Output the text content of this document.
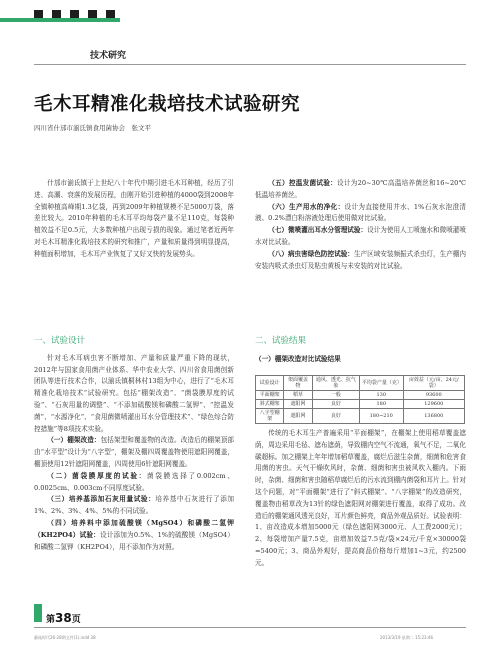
技术研究
毛木耳精准化栽培技术试验研究
四川省什邡市湔氐镇食用菌协会　张文平

什邡市湔氐镇于上世纪八十年代中期引进毛木耳种植，经历了引进、高潮、衰落的发展历程，由刚开始引进种植的4000袋到2008年全镇种植高峰期1.3亿袋，再到2009年种植规模不足5000万袋，落差比较大。2010年种植的毛木耳平均每袋产量不足110克，每袋种植效益不足0.5元，大多数种植户出现亏损的现象。通过笔者近两年对毛木耳精准化栽培技术的研究和推广，产量和质量得到明显提高，种植面积增加，毛木耳产业恢复了又好又快的发展势头。

一、试验设计

针对毛木耳病虫害不断增加、产量和质量严重下降的现状，2012年与国家食用菌产业体系、华中农业大学、四川省食用菌创新团队等进行技术合作，以湔氐镇桐林村13组为中心，进行了“毛木耳精准化栽培技术”试验研究。包括“棚架改造”、“菌袋膜厚度的试验”、“石灰用量的调整”、“不添加硫酸镁和磷酸二氢钾”、“控温发菌”、“水源净化”、“食用菌微喷灌出耳水分管理技术”、“绿色综合防控措施”等8项技术实验。

（一）棚架改造：包括架型和覆盖物的改造。改造后的棚架顶部由“水平型”设计为“八字型”，棚架及棚四周覆盖物使用遮阳网覆盖，棚顶使用12针遮阳网覆盖，四周使用6针遮阳网覆盖。

（二）菌袋膜厚度的试验：菌袋膜选择了0.002cm、0.0025cm、0.003cm不同厚度试验。

（三）培养基添加石灰用量试验：培养基中石灰进行了添加1%、2%、3%、4%、5%的不同试验。

（四）培养料中添加硫酸镁（MgSO4）和磷酸二氢钾（KH2PO4）试验：设计添加为0.5%、1%的硫酸镁（MgSO4）和磷酸二氢钾（KH2PO4），用不添加作为对照。

（五）控温发菌试验：设计为20~30℃高温培养菌丝和16~20℃低温培养菌丝。

（六）生产用水的净化：设计为直接使用井水、1%石灰水泡澄清液、0.2%漂白粉溶液处理后使用做对比试验。

（七）微喷灌出耳水分管理试验：设计为使用人工喷施水和微喷灌喷水对比试验。

（八）病虫害绿色防控试验：生产区域安装频振式杀虫灯，生产棚内安装内吸式杀虫灯及粘虫黄板与未安装的对比试验。

二、试验结果
（一）棚架改造对比试验结果
试验设计	架面覆盖物	通风、透光、抗气象	平均袋产量（克）	亩效益（元/亩，24元/袋）
平面棚架	稻草	一般	130	93600
斜式棚架	遮阳网	良好	180	129600
八字型棚架	遮阳网	良好	180~210	136800

传统的毛木耳生产普遍采用“平面棚架”，在棚架上使用稻草覆盖遮荫，周边采用毛毡、遮布遮荫，导致棚内空气不流通，氧气不足，二氧化碳超标。加之棚架上年年增加稻草覆盖，腐烂后滋生杂菌，细菌和危害食用菌的害虫。天气干燥吹风时，杂菌、细菌和害虫被风吹入棚内。下雨时，杂菌、细菌和害虫随稻草腐烂后的污水流到棚内菌袋和耳片上。针对这个问题，对“平面棚架”进行了“斜式棚架”、“八字棚架”的改造研究，覆盖物由稻草改为13针的绿色遮阳网对棚架进行覆盖，取得了成功。改造后的棚架通风透光良好，耳片颜色鲜亮，商品外观品质好。试验表明：1、亩改造成本增加5000元（绿色遮阳网3000元、人工费2000元）；2、每袋增加产量7.5克，亩增加效益7.5克/袋×24元/千克×30000袋=5400元；3、商品外观好，提高商品价格每斤增加1~3元，约2500元。

第38页
蘑菇时代26-28期文件(1).indd 38	2013/3/19 星期二 15:23:46
